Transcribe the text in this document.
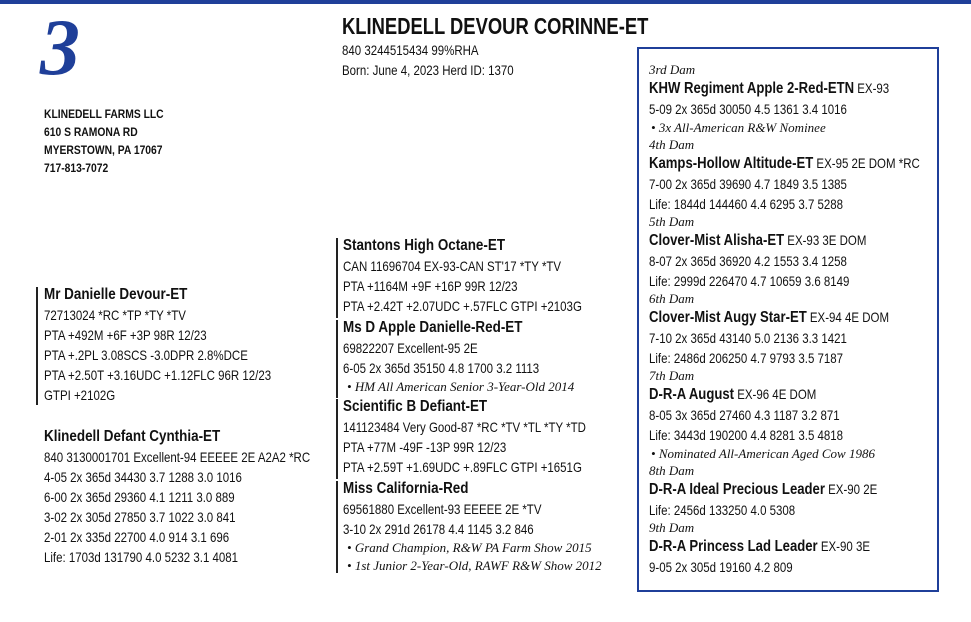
3
KLINEDELL FARMS LLC
610 S RAMONA RD
MYERSTOWN, PA 17067
717-813-7072
KLINEDELL DEVOUR CORINNE-ET
840 3244515434 99%RHA
Born: June 4, 2023 Herd ID: 1370
Mr Danielle Devour-ET
72713024 *RC *TP *TY *TV
PTA +492M +6F +3P 98R 12/23
PTA +.2PL 3.08SCS -3.0DPR 2.8%DCE
PTA +2.50T +3.16UDC +1.12FLC 96R 12/23
GTPI +2102G
Klinedell Defant Cynthia-ET
840 3130001701 Excellent-94 EEEEE 2E A2A2 *RC
4-05 2x 365d 34430 3.7 1288 3.0 1016
6-00 2x 365d 29360 4.1 1211 3.0 889
3-02 2x 305d 27850 3.7 1022 3.0 841
2-01 2x 335d 22700 4.0 914 3.1 696
Life: 1703d 131790 4.0 5232 3.1 4081
Stantons High Octane-ET
CAN 11696704 EX-93-CAN ST'17 *TY *TV
PTA +1164M +9F +16P 99R 12/23
PTA +2.42T +2.07UDC +.57FLC GTPI +2103G
Ms D Apple Danielle-Red-ET
69822207 Excellent-95 2E
6-05 2x 365d 35150 4.8 1700 3.2 1113
• HM All American Senior 3-Year-Old 2014
Scientific B Defiant-ET
141123484 Very Good-87 *RC *TV *TL *TY *TD
PTA +77M -49F -13P 99R 12/23
PTA +2.59T +1.69UDC +.89FLC GTPI +1651G
Miss California-Red
69561880 Excellent-93 EEEEE 2E *TV
3-10 2x 291d 26178 4.4 1145 3.2 846
• Grand Champion, R&W PA Farm Show 2015
• 1st Junior 2-Year-Old, RAWF R&W Show 2012
3rd Dam
KHW Regiment Apple 2-Red-ETN EX-93
5-09 2x 365d 30050 4.5 1361 3.4 1016
• 3x All-American R&W Nominee
4th Dam
Kamps-Hollow Altitude-ET EX-95 2E DOM *RC
7-00 2x 365d 39690 4.7 1849 3.5 1385
Life: 1844d 144460 4.4 6295 3.7 5288
5th Dam
Clover-Mist Alisha-ET EX-93 3E DOM
8-07 2x 365d 36920 4.2 1553 3.4 1258
Life: 2999d 226470 4.7 10659 3.6 8149
6th Dam
Clover-Mist Augy Star-ET EX-94 4E DOM
7-10 2x 365d 43140 5.0 2136 3.3 1421
Life: 2486d 206250 4.7 9793 3.5 7187
7th Dam
D-R-A August EX-96 4E DOM
8-05 3x 365d 27460 4.3 1187 3.2 871
Life: 3443d 190200 4.4 8281 3.5 4818
• Nominated All-American Aged Cow 1986
8th Dam
D-R-A Ideal Precious Leader EX-90 2E
Life: 2456d 133250 4.0 5308
9th Dam
D-R-A Princess Lad Leader EX-90 3E
9-05 2x 305d 19160 4.2 809
